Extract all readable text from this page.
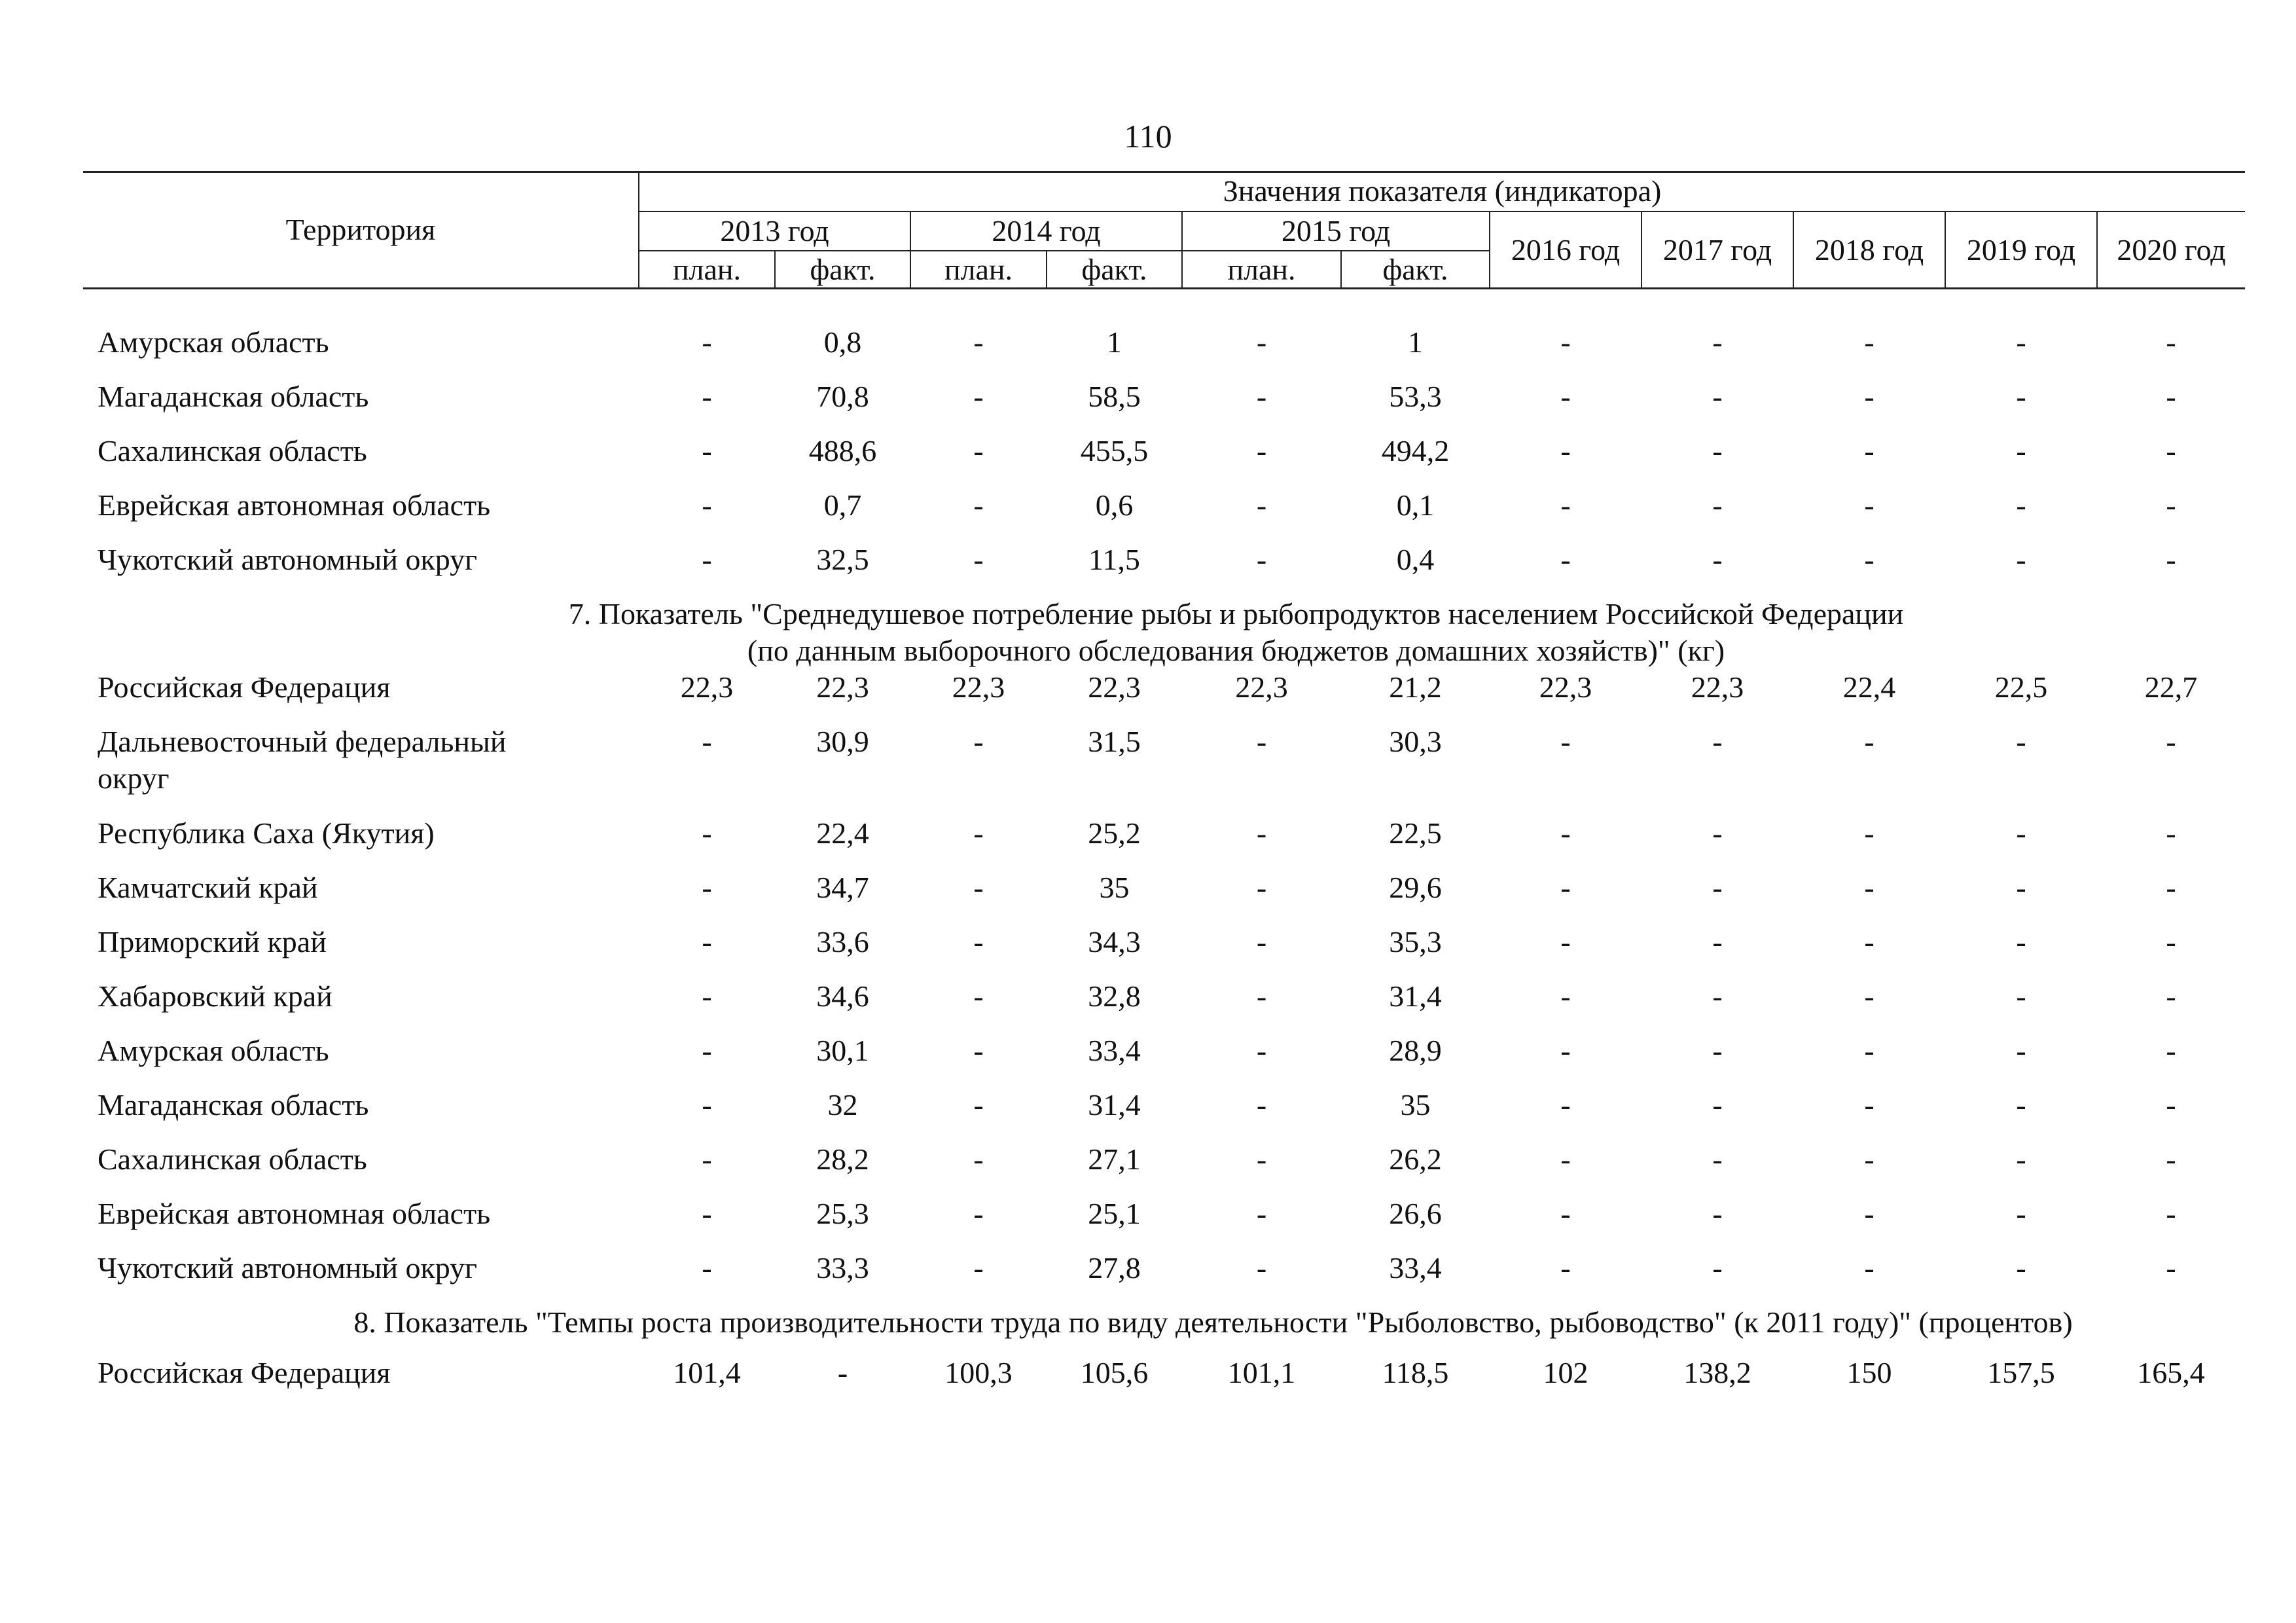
110
Территория	Значения показателя (индикатора)										
	2013 год		2014 год		2015 год		2016 год	2017 год	2018 год	2019 год	2020 год
	план.	факт.	план.	факт.	план.	факт.					
Амурская область	-	0,8	-	1	-	1	-	-	-	-	-
Магаданская область	-	70,8	-	58,5	-	53,3	-	-	-	-	-
Сахалинская область	-	488,6	-	455,5	-	494,2	-	-	-	-	-
Еврейская автономная область	-	0,7	-	0,6	-	0,1	-	-	-	-	-
Чукотский автономный округ	-	32,5	-	11,5	-	0,4	-	-	-	-	-

7. Показатель "Среднедушевое потребление рыбы и рыбопродуктов населением Российской Федерации
(по данным выборочного обследования бюджетов домашних хозяйств)" (кг)											

Российская Федерация	22,3	22,3	22,3	22,3	22,3	21,2	22,3	22,3	22,4	22,5	22,7

Дальневосточный федеральный
округ	-	30,9	-	31,5	-	30,3	-	-	-	-	-
Республика Саха (Якутия)	-	22,4	-	25,2	-	22,5	-	-	-	-	-
Камчатский край	-	34,7	-	35	-	29,6	-	-	-	-	-
Приморский край	-	33,6	-	34,3	-	35,3	-	-	-	-	-
Хабаровский край	-	34,6	-	32,8	-	31,4	-	-	-	-	-
Амурская область	-	30,1	-	33,4	-	28,9	-	-	-	-	-
Магаданская область	-	32	-	31,4	-	35	-	-	-	-	-
Сахалинская область	-	28,2	-	27,1	-	26,2	-	-	-	-	-
Еврейская автономная область	-	25,3	-	25,1	-	26,6	-	-	-	-	-
Чукотский автономный округ	-	33,3	-	27,8	-	33,4	-	-	-	-	-

8. Показатель "Темпы роста производительности труда по виду деятельности "Рыболовство, рыбоводство" (к 2011 году)" (процентов)											

Российская Федерация	101,4	-	100,3	105,6	101,1	118,5	102	138,2	150	157,5	165,4
